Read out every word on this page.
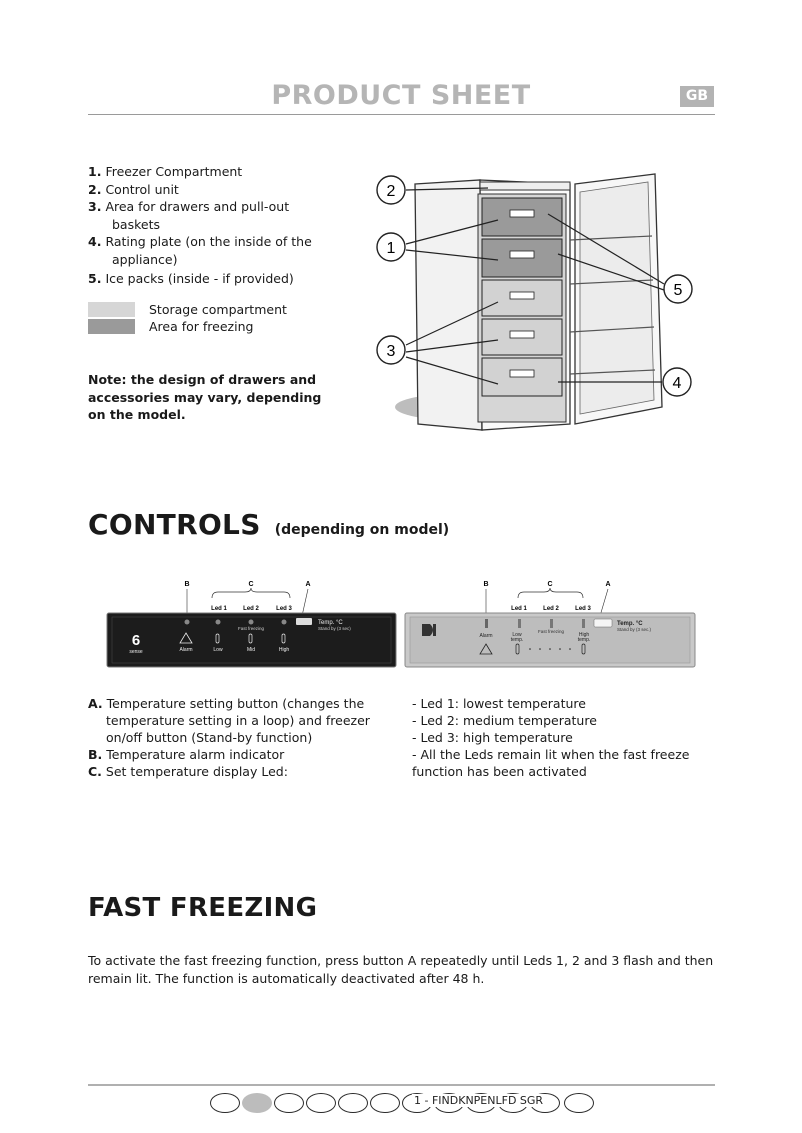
PRODUCT SHEET	GB
1. Freezer Compartment
2. Control unit
3. Area for drawers and pull-out
baskets
4. Rating plate (on the inside of the
appliance)
5. Ice packs (inside - if provided)
Storage compartment
Area for freezing
Note: the design of drawers and accessories may vary, depending on the model.
2
1
5
3
4
CONTROLS (depending on model)
B	C	A
Led 1	Led 2	Led 3
Fast freezing
Temp. °C
Stand by (3 sec)
6
sense	Alarm	Low	Mid	High
B	C	A
Led 1	Led 2	Led 3
Fast freezing
Temp. °C
Stand by (3 sec.)
Alarm	Low
temp.
High
temp.
A. Temperature setting button (changes the
temperature setting in a loop) and freezer
on/off button (Stand-by function)
B. Temperature alarm indicator
C. Set temperature display Led:
- Led 1: lowest temperature
- Led 2: medium temperature
- Led 3: high temperature
- All the Leds remain lit when the fast freeze
function has been activated
FAST FREEZING
To activate the fast freezing function, press button A repeatedly until Leds 1, 2 and 3 flash and then remain lit. The function is automatically deactivated after 48 h.
1 - FINDKNPENLFD SGR
